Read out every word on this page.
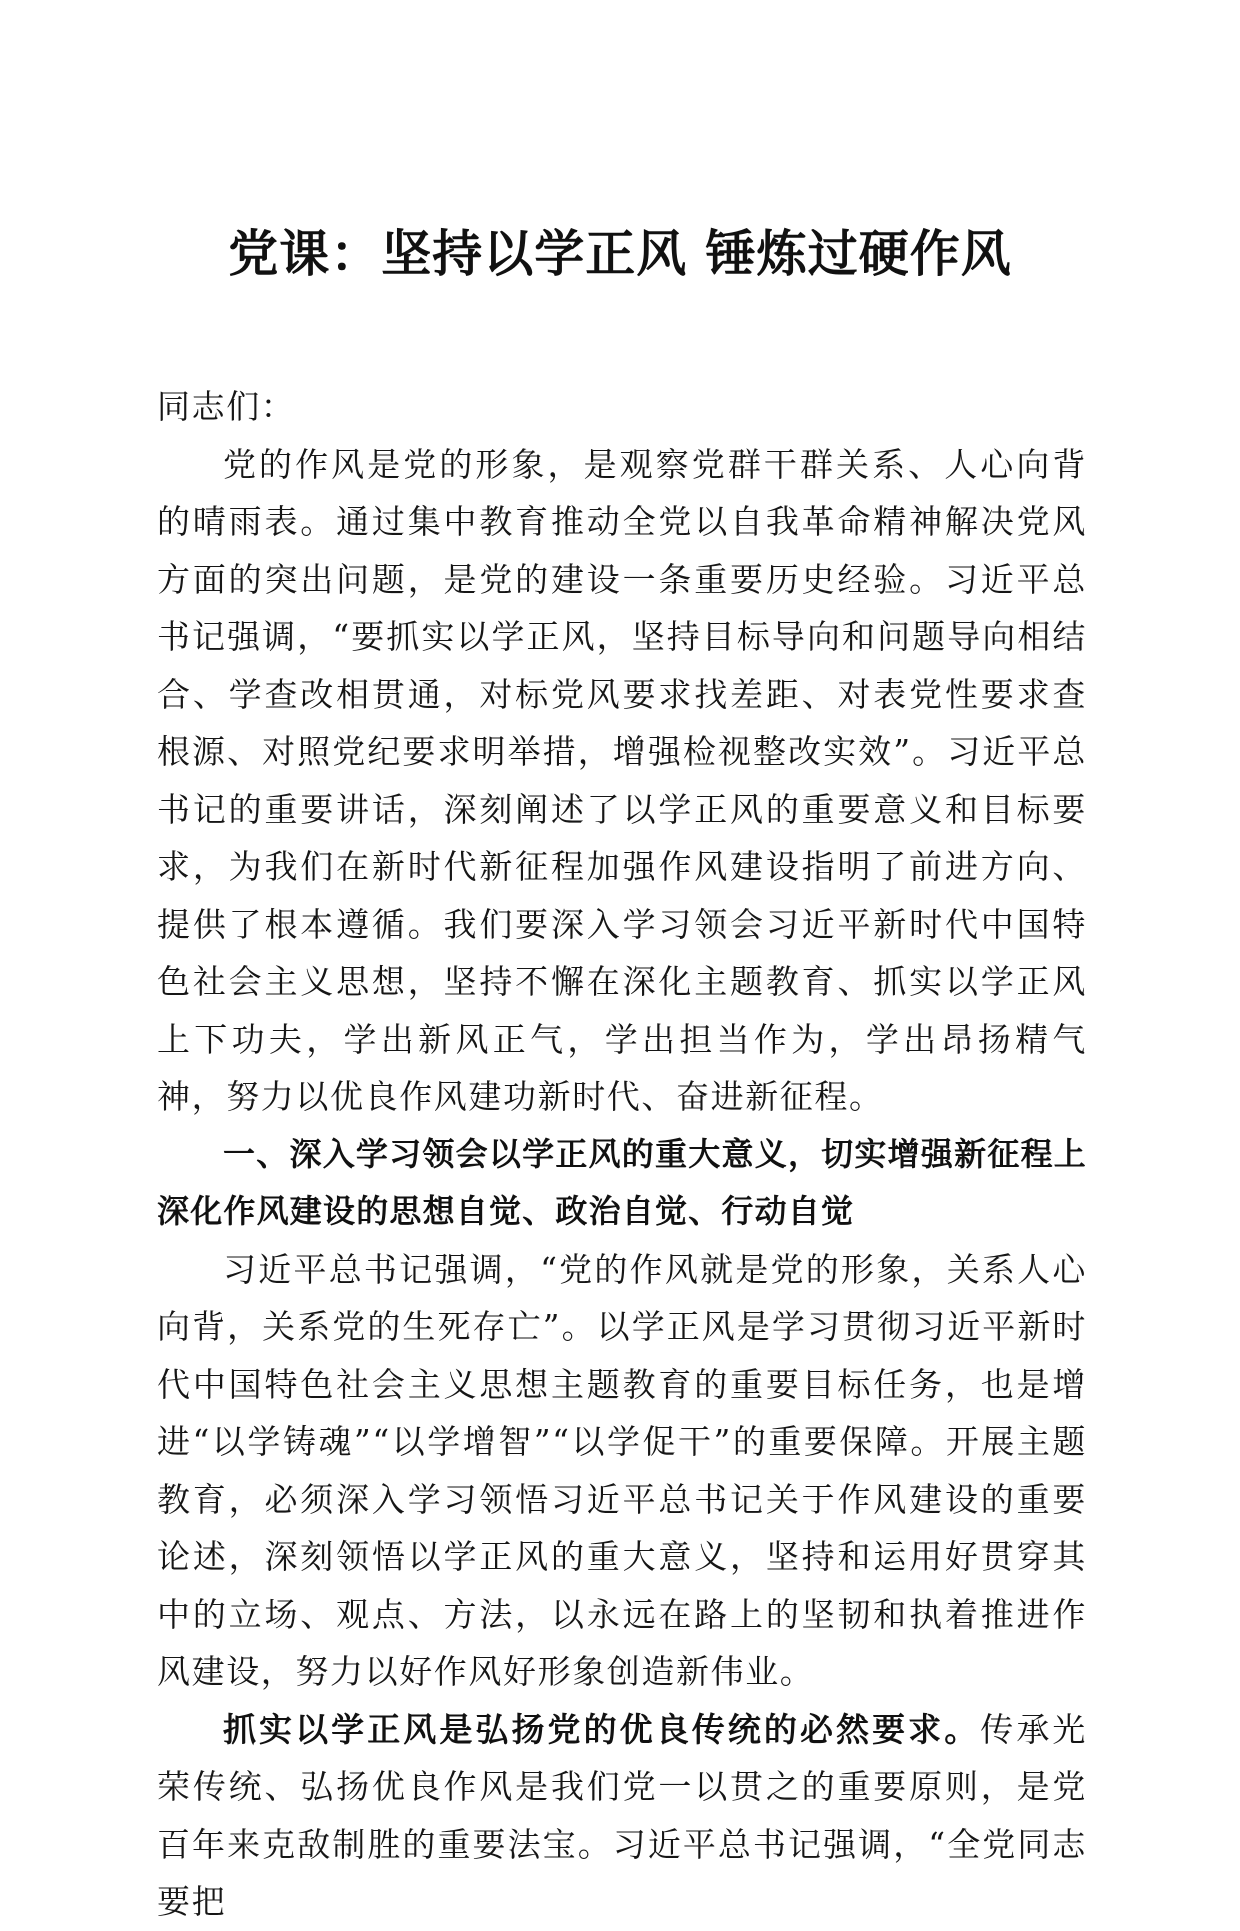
党课：坚持以学正风 锤炼过硬作风

同志们：

党的作风是党的形象，是观察党群干群关系、人心向背的晴雨表。通过集中教育推动全党以自我革命精神解决党风方面的突出问题，是党的建设一条重要历史经验。习近平总书记强调，“要抓实以学正风，坚持目标导向和问题导向相结合、学查改相贯通，对标党风要求找差距、对表党性要求查根源、对照党纪要求明举措，增强检视整改实效”。习近平总书记的重要讲话，深刻阐述了以学正风的重要意义和目标要求，为我们在新时代新征程加强作风建设指明了前进方向、提供了根本遵循。我们要深入学习领会习近平新时代中国特色社会主义思想，坚持不懈在深化主题教育、抓实以学正风上下功夫，学出新风正气，学出担当作为，学出昂扬精气神，努力以优良作风建功新时代、奋进新征程。

一、深入学习领会以学正风的重大意义，切实增强新征程上深化作风建设的思想自觉、政治自觉、行动自觉

习近平总书记强调，“党的作风就是党的形象，关系人心向背，关系党的生死存亡”。以学正风是学习贯彻习近平新时代中国特色社会主义思想主题教育的重要目标任务，也是增进“以学铸魂”“以学增智”“以学促干”的重要保障。开展主题教育，必须深入学习领悟习近平总书记关于作风建设的重要论述，深刻领悟以学正风的重大意义，坚持和运用好贯穿其中的立场、观点、方法，以永远在路上的坚韧和执着推进作风建设，努力以好作风好形象创造新伟业。

抓实以学正风是弘扬党的优良传统的必然要求。传承光荣传统、弘扬优良作风是我们党一以贯之的重要原则，是党百年来克敌制胜的重要法宝。习近平总书记强调，“全党同志要把
